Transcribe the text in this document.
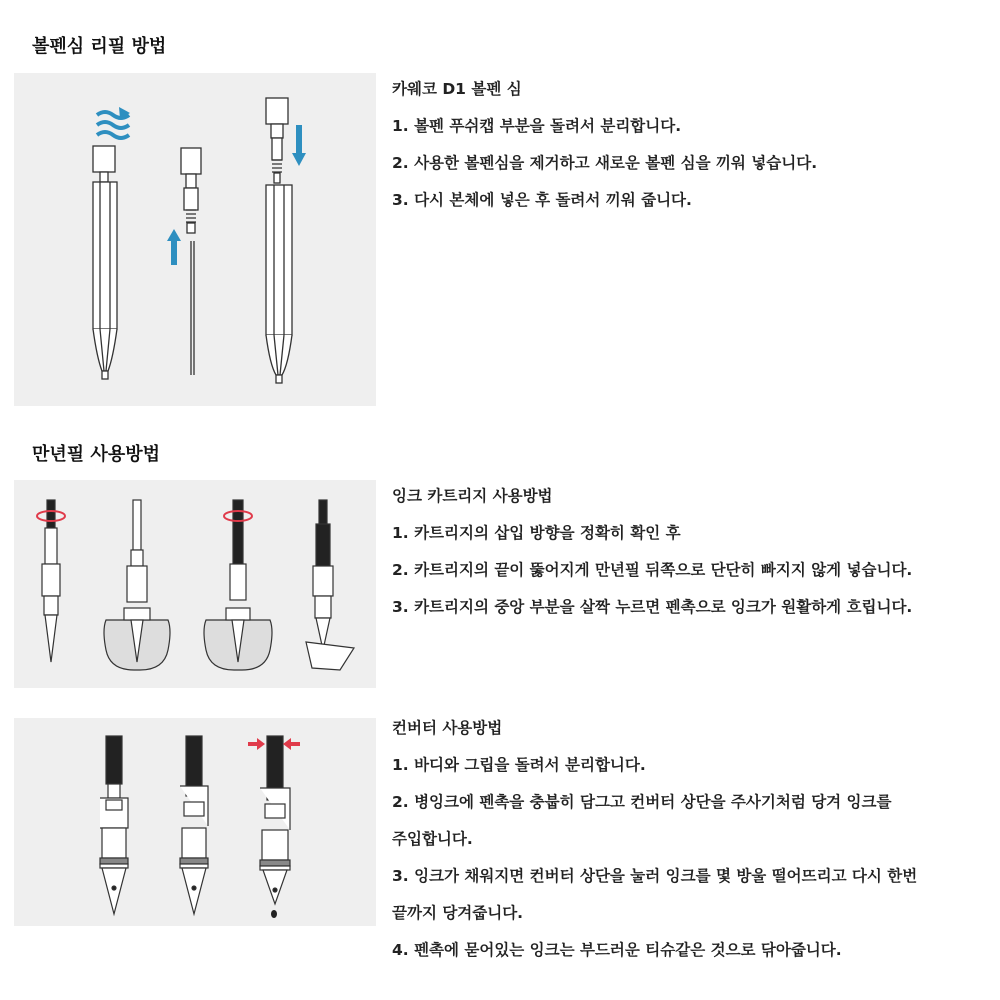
볼펜심 리필 방법
카웨코 D1 볼펜 심
1. 볼펜 푸쉬캡 부분을 돌려서 분리합니다.
2. 사용한 볼펜심을 제거하고 새로운 볼펜 심을 끼워 넣습니다.
3. 다시 본체에 넣은 후 돌려서 끼워 줍니다.
만년필 사용방법
잉크 카트리지 사용방법
1. 카트리지의 삽입 방향을 정확히 확인 후
2. 카트리지의 끝이 뚫어지게 만년필 뒤쪽으로 단단히 빠지지 않게 넣습니다.
3. 카트리지의 중앙 부분을 살짝 누르면 펜촉으로 잉크가 원활하게 흐립니다.
컨버터 사용방법
1. 바디와 그립을 돌려서 분리합니다.
2. 병잉크에 펜촉을 충붑히 담그고 컨버터 상단을 주사기처럼 당겨 잉크를
주입합니다.
3. 잉크가 채워지면 컨버터 상단을 눌러 잉크를 몇 방울 떨어뜨리고 다시 한번
끝까지 당겨줍니다.
4. 펜촉에 묻어있는 잉크는 부드러운 티슈같은 것으로 닦아줍니다.
